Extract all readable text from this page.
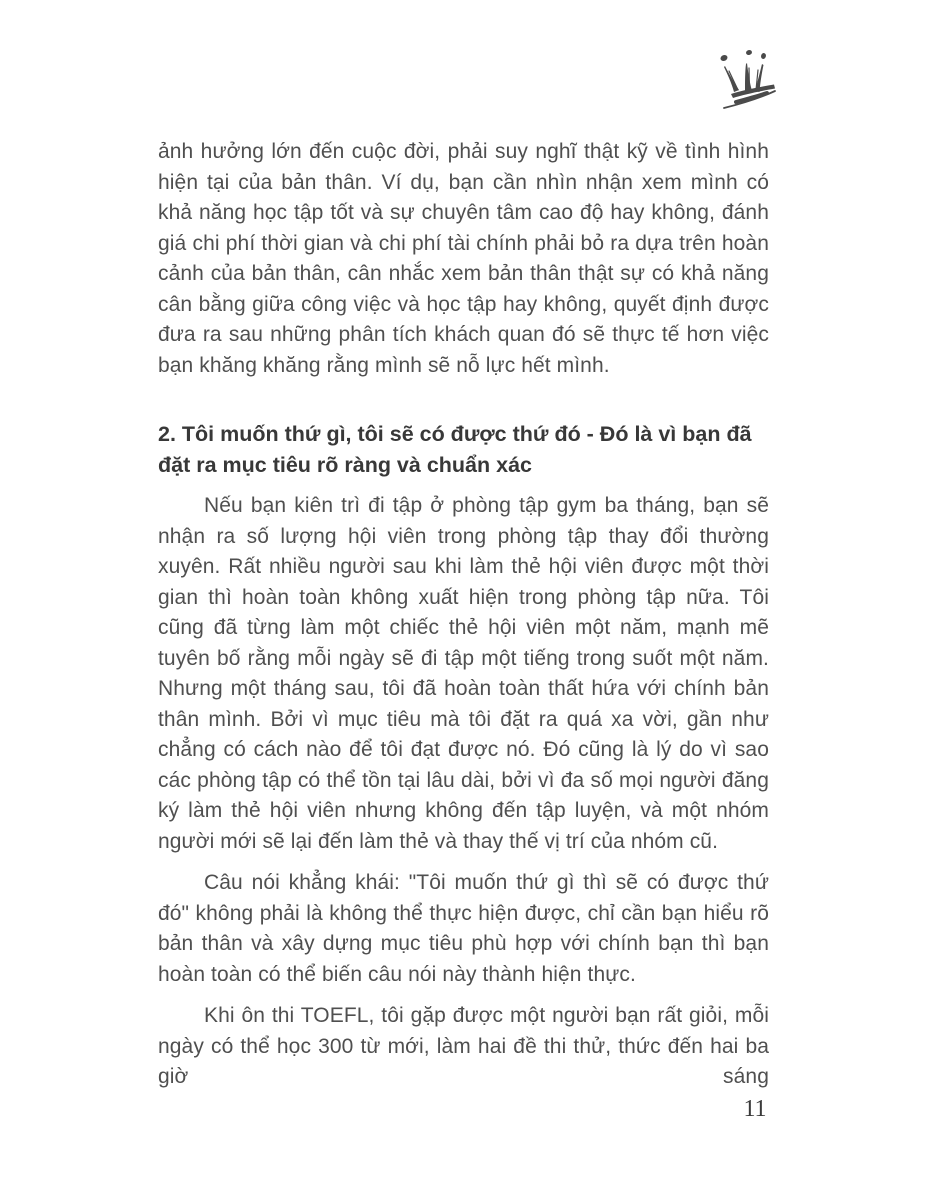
ảnh hưởng lớn đến cuộc đời, phải suy nghĩ thật kỹ về tình hình hiện tại của bản thân. Ví dụ, bạn cần nhìn nhận xem mình có khả năng học tập tốt và sự chuyên tâm cao độ hay không, đánh giá chi phí thời gian và chi phí tài chính phải bỏ ra dựa trên hoàn cảnh của bản thân, cân nhắc xem bản thân thật sự có khả năng cân bằng giữa công việc và học tập hay không, quyết định được đưa ra sau những phân tích khách quan đó sẽ thực tế hơn việc bạn khăng khăng rằng mình sẽ nỗ lực hết mình.

2. Tôi muốn thứ gì, tôi sẽ có được thứ đó - Đó là vì bạn đã đặt ra mục tiêu rõ ràng và chuẩn xác

Nếu bạn kiên trì đi tập ở phòng tập gym ba tháng, bạn sẽ nhận ra số lượng hội viên trong phòng tập thay đổi thường xuyên. Rất nhiều người sau khi làm thẻ hội viên được một thời gian thì hoàn toàn không xuất hiện trong phòng tập nữa. Tôi cũng đã từng làm một chiếc thẻ hội viên một năm, mạnh mẽ tuyên bố rằng mỗi ngày sẽ đi tập một tiếng trong suốt một năm. Nhưng một tháng sau, tôi đã hoàn toàn thất hứa với chính bản thân mình. Bởi vì mục tiêu mà tôi đặt ra quá xa vời, gần như chẳng có cách nào để tôi đạt được nó. Đó cũng là lý do vì sao các phòng tập có thể tồn tại lâu dài, bởi vì đa số mọi người đăng ký làm thẻ hội viên nhưng không đến tập luyện, và một nhóm người mới sẽ lại đến làm thẻ và thay thế vị trí của nhóm cũ.

Câu nói khẳng khái: "Tôi muốn thứ gì thì sẽ có được thứ đó" không phải là không thể thực hiện được, chỉ cần bạn hiểu rõ bản thân và xây dựng mục tiêu phù hợp với chính bạn thì bạn hoàn toàn có thể biến câu nói này thành hiện thực.

Khi ôn thi TOEFL, tôi gặp được một người bạn rất giỏi, mỗi ngày có thể học 300 từ mới, làm hai đề thi thử, thức đến hai ba giờ sáng

11
